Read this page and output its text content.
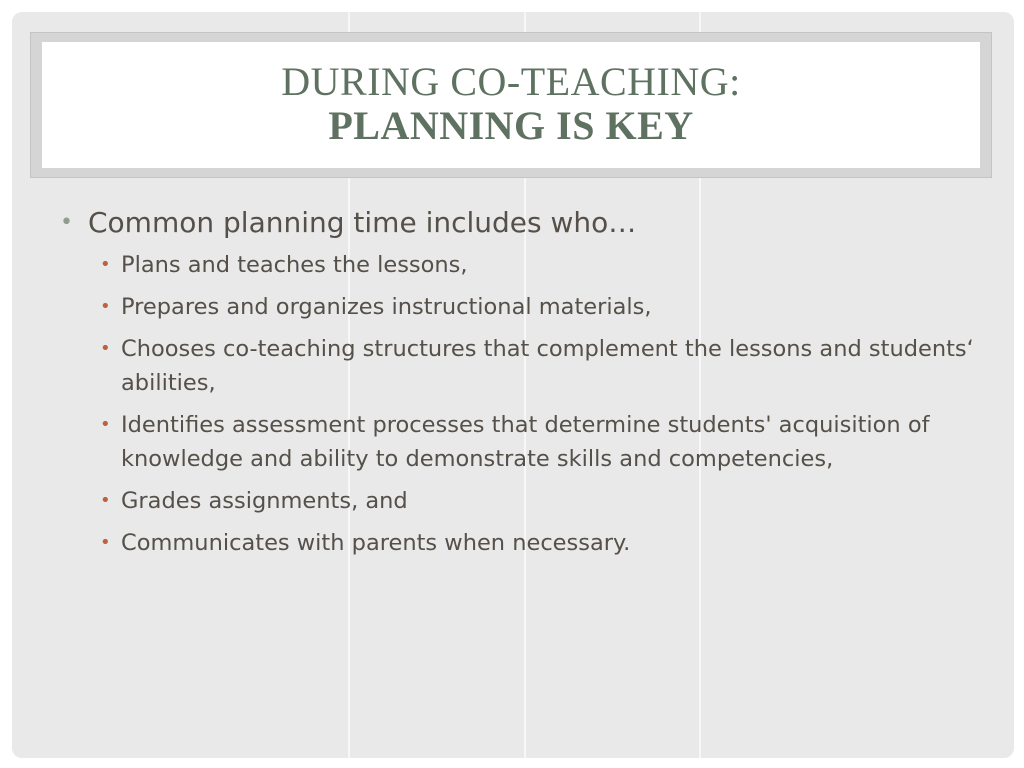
DURING CO-TEACHING:
PLANNING IS KEY
• Common planning time includes who…
• Plans and teaches the lessons,
• Prepares and organizes instructional materials,
• Chooses co-teaching structures that complement the lessons and students‘ abilities,
• Identifies assessment processes that determine students' acquisition of knowledge and ability to demonstrate skills and competencies,
• Grades assignments, and
• Communicates with parents when necessary.
